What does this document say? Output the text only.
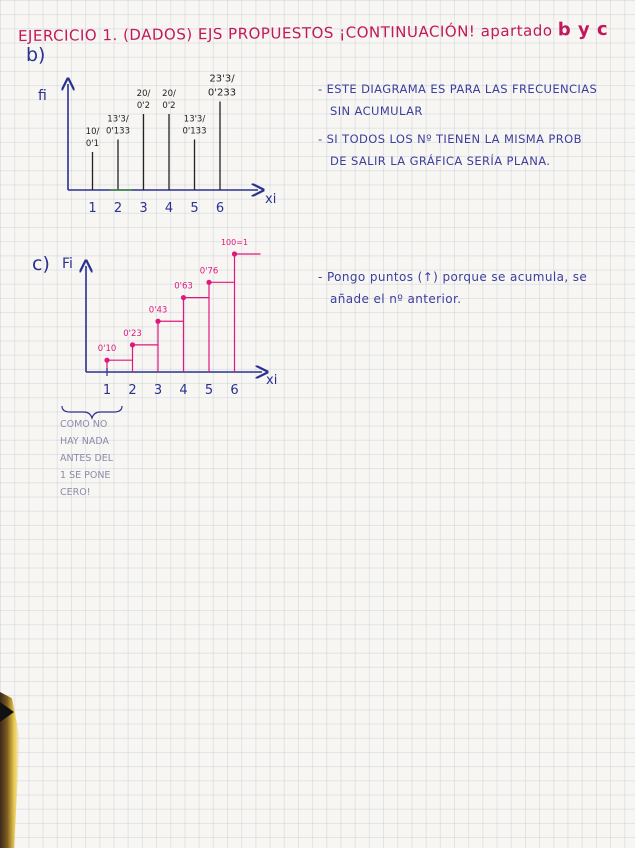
EJERCICIO 1. (DADOS) EJS PROPUESTOS ¡CONTINUACIÓN! apartado b y c
b)
c)
fi
xi
1 2 3 4 5 6
10/
0'1
13'3/
0'133
20/
0'2
20/
0'2
13'3/
0'133
23'3/
0'233
Fi
xi
1 2 3 4 5 6
0'10
0'23
0'43
0'63
0'76
100=1
- ESTE DIAGRAMA ES PARA LAS FRECUENCIAS
SIN ACUMULAR
- SI TODOS LOS Nº TIENEN LA MISMA PROB
DE SALIR LA GRÁFICA SERÍA PLANA.
- Pongo puntos (↑) porque se acumula, se
añade el nº anterior.
COMO NO
HAY NADA
ANTES DEL
1 SE PONE
CERO!
